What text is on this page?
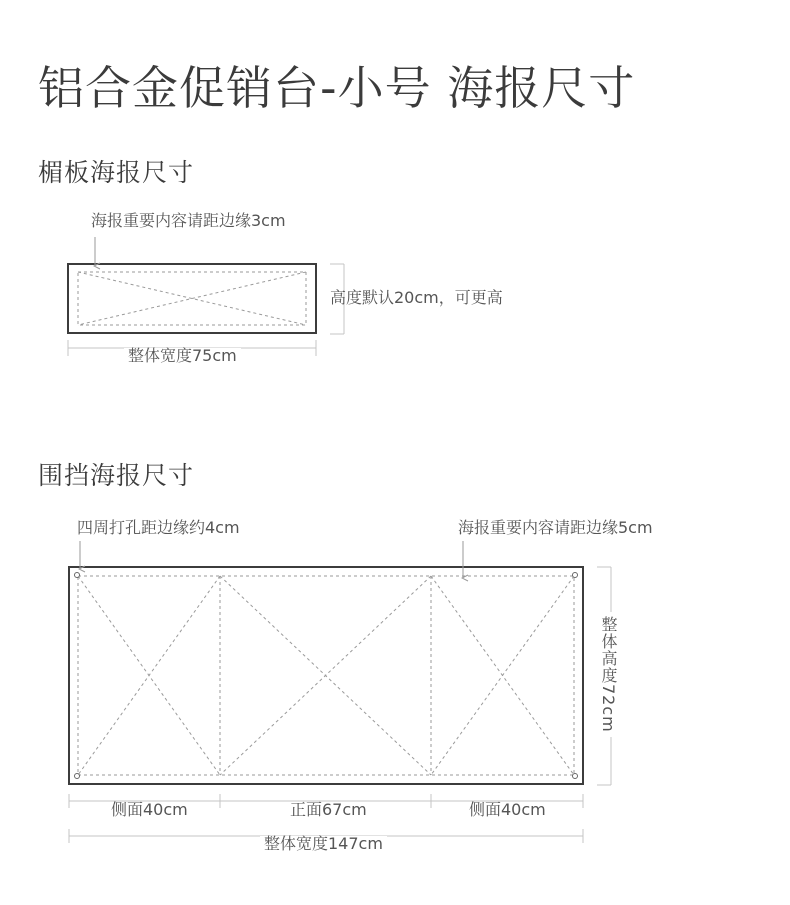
铝合金促销台-小号 海报尺寸
楣板海报尺寸
围挡海报尺寸
海报重要内容请距边缘3cm
高度默认20cm，可更高
整体宽度75cm
四周打孔距边缘约4cm	海报重要内容请距边缘5cm
整体高度72cm
侧面40cm	正面67cm	侧面40cm
整体宽度147cm
